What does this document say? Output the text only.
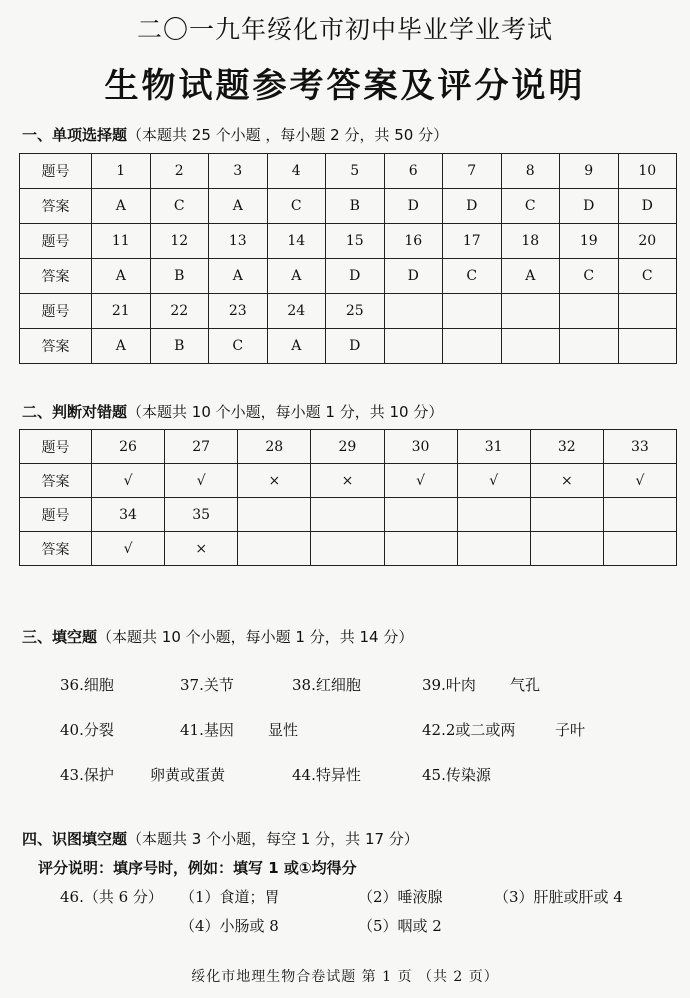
二〇一九年绥化市初中毕业学业考试
生物试题参考答案及评分说明
一、单项选择题（本题共 25 个小题 ，每小题 2 分，共 50 分）
题号	1	2	3	4	5	6	7	8	9	10
答案	A	C	A	C	B	D	D	C	D	D
题号	11	12	13	14	15	16	17	18	19	20
答案	A	B	A	A	D	D	C	A	C	C
题号	21	22	23	24	25					
答案	A	B	C	A	D					
二、判断对错题（本题共 10 个小题，每小题 1 分，共 10 分）
题号	26	27	28	29	30	31	32	33
答案	√	√	×	×	√	√	×	√
题号	34	35						
答案	√	×						
三、填空题（本题共 10 个小题，每小题 1 分，共 14 分）
36.细胞	37.关节	38.红细胞	39.叶肉 气孔
40.分裂	41.基因 显性	42.2或二或两	子叶
43.保护 卵黄或蛋黄	44.特异性	45.传染源
四、识图填空题（本题共 3 个小题，每空 1 分，共 17 分）
评分说明：填序号时，例如：填写 1 或①均得分
46.（共 6 分） （1）食道；胃	（2）唾液腺	（3）肝脏或肝或 4
（4）小肠或 8	（5）咽或 2
绥化市地理生物合卷试题 第 1 页 （共 2 页）
